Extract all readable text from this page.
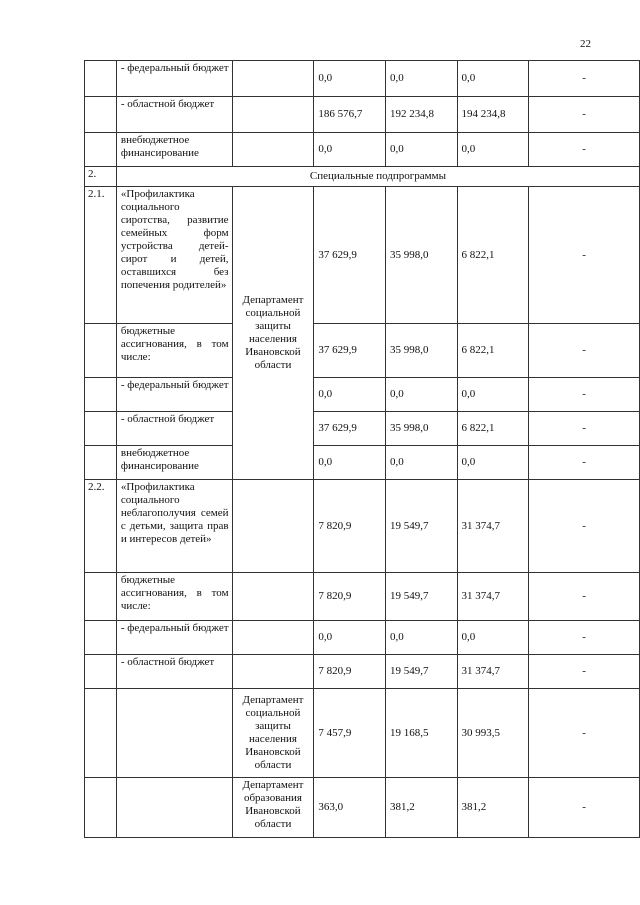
22
	- федеральный бюджет		0,0	0,0	0,0	-
	- областной бюджет		186 576,7	192 234,8	194 234,8	-
	внебюджетное финансирование		0,0	0,0	0,0	-
2.	Специальные подпрограммы					
2.1.	«Профилактика социального сиротства, развитие семейных форм устройства детей-сирот и детей, оставшихся без попечения родителей»	Департамент социальной защиты населения Ивановской области	37 629,9	35 998,0	6 822,1	-
	бюджетные ассигнования, в том числе:		37 629,9	35 998,0	6 822,1	-
	- федеральный бюджет		0,0	0,0	0,0	-
	- областной бюджет		37 629,9	35 998,0	6 822,1	-
	внебюджетное финансирование		0,0	0,0	0,0	-
2.2.	«Профилактика социального неблагополучия семей с детьми, защита прав и интересов детей»		7 820,9	19 549,7	31 374,7	-
	бюджетные ассигнования, в том числе:		7 820,9	19 549,7	31 374,7	-
	- федеральный бюджет		0,0	0,0	0,0	-
	- областной бюджет		7 820,9	19 549,7	31 374,7	-
		Департамент социальной защиты населения Ивановской области	7 457,9	19 168,5	30 993,5	-
		Департамент образования Ивановской области	363,0	381,2	381,2	-
